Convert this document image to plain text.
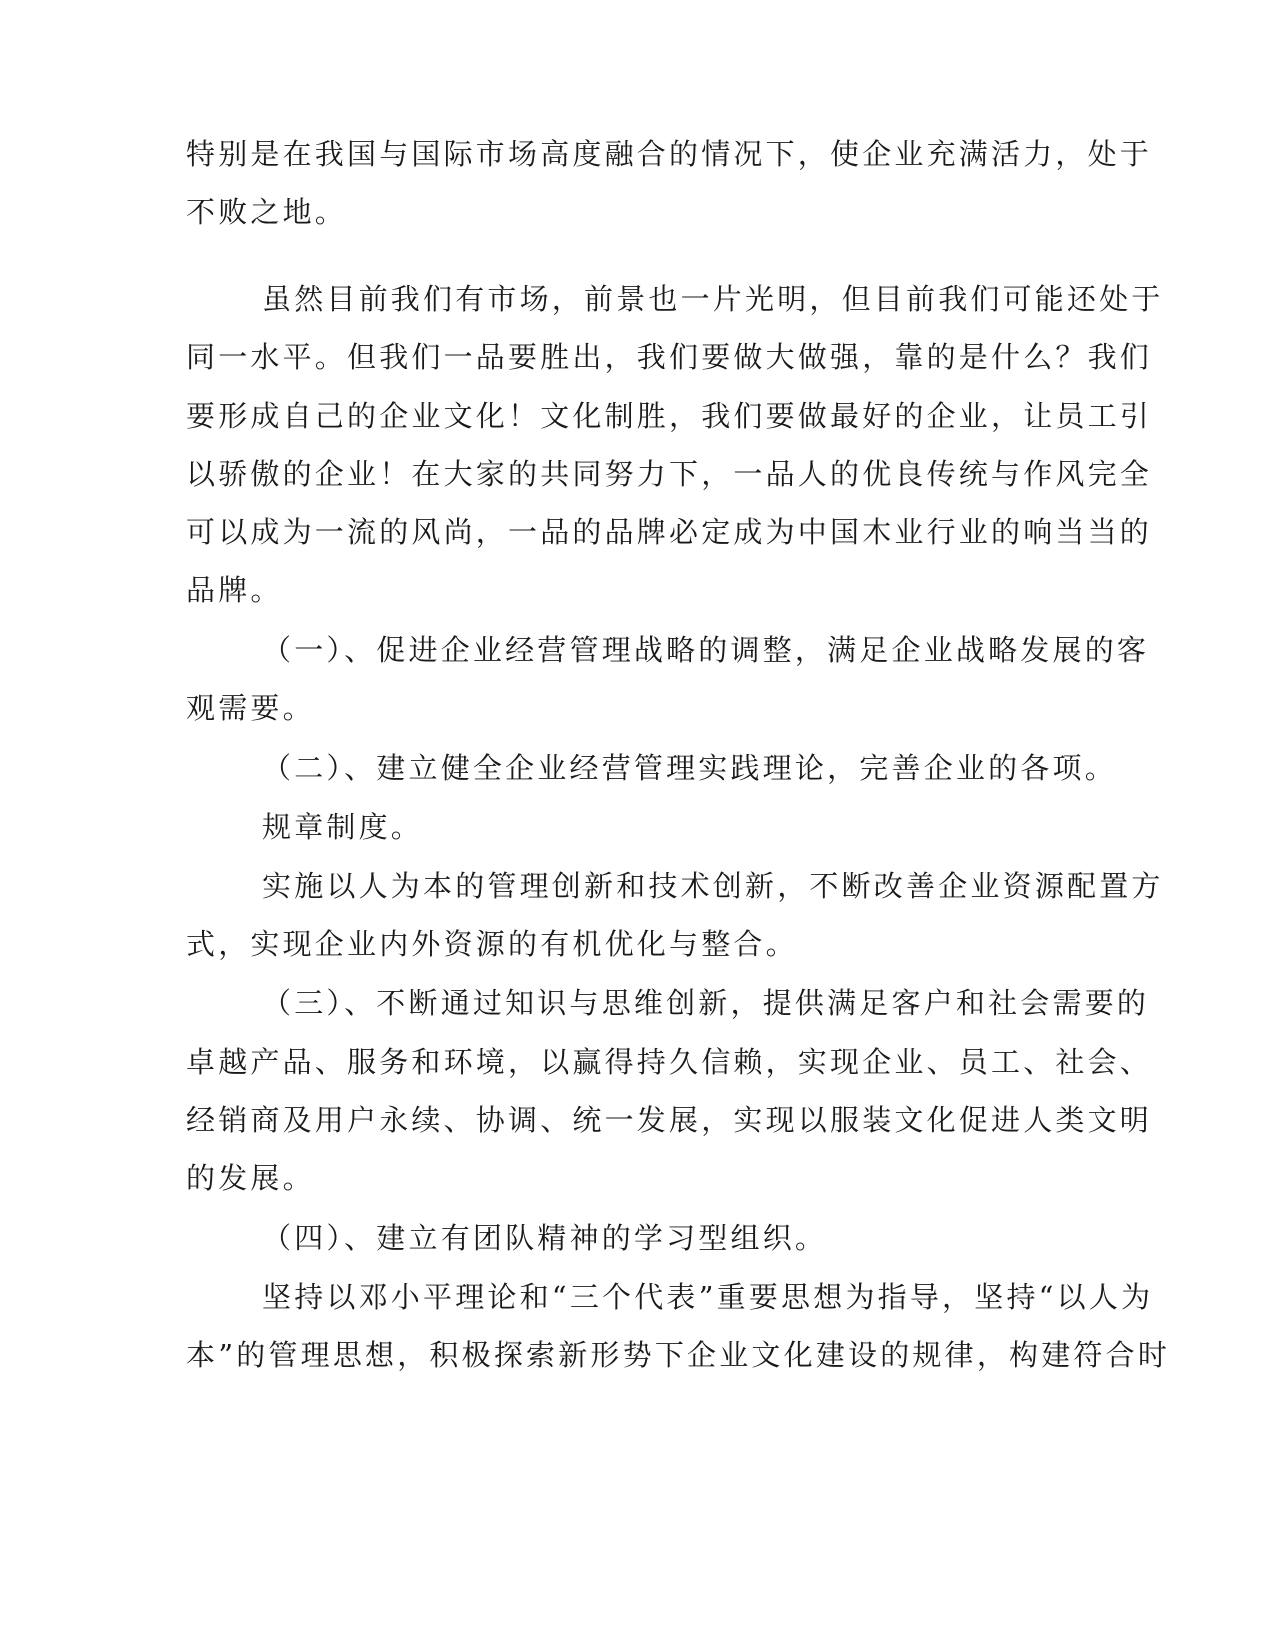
特别是在我国与国际市场高度融合的情况下，使企业充满活力，处于
不败之地。
虽然目前我们有市场，前景也一片光明，但目前我们可能还处于
同一水平。但我们一品要胜出，我们要做大做强，靠的是什么？我们
要形成自己的企业文化！文化制胜，我们要做最好的企业，让员工引
以骄傲的企业！在大家的共同努力下，一品人的优良传统与作风完全
可以成为一流的风尚，一品的品牌必定成为中国木业行业的响当当的
品牌。
（一）、促进企业经营管理战略的调整，满足企业战略发展的客
观需要。
（二）、建立健全企业经营管理实践理论，完善企业的各项。
规章制度。
实施以人为本的管理创新和技术创新，不断改善企业资源配置方
式，实现企业内外资源的有机优化与整合。
（三）、不断通过知识与思维创新，提供满足客户和社会需要的
卓越产品、服务和环境，以赢得持久信赖，实现企业、员工、社会、
经销商及用户永续、协调、统一发展，实现以服装文化促进人类文明
的发展。
（四）、建立有团队精神的学习型组织。
坚持以邓小平理论和“三个代表”重要思想为指导，坚持“以人为
本”的管理思想，积极探索新形势下企业文化建设的规律，构建符合时
